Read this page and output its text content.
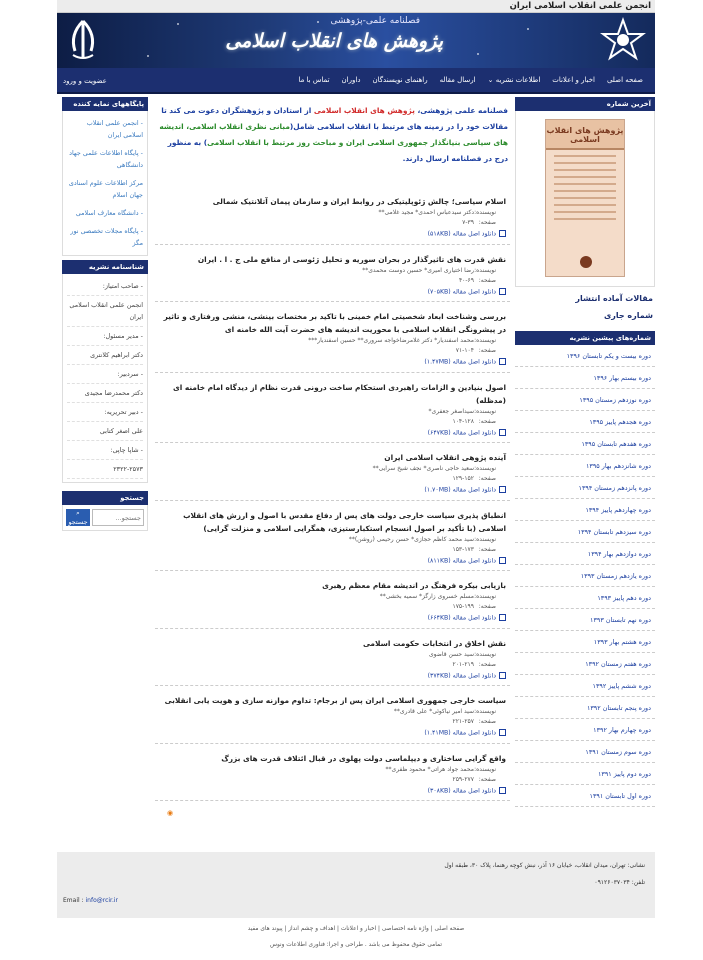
انجمن علمی انقلاب اسلامی ایران
فصلنامه علمی-پژوهشی
پژوهش های انقلاب اسلامی
صفحه اصلی
اخبار و اعلانات
اطلاعات نشریه ⌄
ارسال مقاله
راهنمای نویسندگان
داوران
تماس با ما
عضویت و ورود
آخرین شماره
پژوهش های انقلاب اسلامی
مقالات آماده انتشار
شماره جاری
شماره‌های پیشین نشریه
دوره بیست و یکم تابستان ۱۳۹۶
دوره بیستم بهار ۱۳۹۶
دوره نوزدهم زمستان ۱۳۹۵
دوره هجدهم پاییز ۱۳۹۵
دوره هفدهم تابستان ۱۳۹۵
دوره شانزدهم بهار ۱۳۹۵
دوره پانزدهم زمستان ۱۳۹۴
دوره چهاردهم پاییز ۱۳۹۴
دوره سیزدهم تابستان ۱۳۹۴
دوره دوازدهم بهار ۱۳۹۴
دوره یازدهم زمستان ۱۳۹۳
دوره دهم پاییز ۱۳۹۳
دوره نهم تابستان ۱۳۹۳
دوره هشتم بهار ۱۳۹۳
دوره هفتم زمستان ۱۳۹۲
دوره ششم پاییز ۱۳۹۲
دوره پنجم تابستان ۱۳۹۲
دوره چهارم بهار ۱۳۹۲
دوره سوم زمستان ۱۳۹۱
دوره دوم پاییز ۱۳۹۱
دوره اول تابستان ۱۳۹۱
پایگاههای نمایه کننده
- انجمن علمی انقلاب اسلامی ایران
- پایگاه اطلاعات علمی جهاد دانشگاهی
مرکز اطلاعات علوم اسنادی جهان اسلام
- دانشگاه معارف اسلامی
- پایگاه مجلات تخصصی نور مگز
شناسنامه نشریه
- صاحب امتیاز:
انجمن علمی انقلاب اسلامی ایران
- مدیر مسئول:
دکتر ابراهیم کلانتری
- سردبیر:
دکتر محمدرضا مجیدی
- دبیر تحریریه:
علی اصغر کتابی
- شاپا چاپی:
۲۳۲۲-۲۵۷۳
جستجو
جستجو...
⌕ جستجو

فصلنامه علمی پژوهشی، پژوهش های انقلاب اسلامی از استادان و پژوهشگران دعوت می کند تا مقالات خود را در زمینه های مرتبط با انقلاب اسلامی شامل(مبانی نظری انقلاب اسلامی، اندیشه های سیاسی بنیانگذار جمهوری اسلامی ایران و مباحث روز مرتبط با انقلاب اسلامی) به منظور درج در فصلنامه ارسال دارند.

اسلام سیاسی؛ چالش ژئوپلیتیکی در روابط ایران و سازمان پیمان آتلانتیک شمالی
نویسنده:دکتر سیدعباس احمدی* مجید غلامی**
صفحه:۷-۳۹
دانلود اصل مقاله (۵۱۸KB)
نقش قدرت های تاثیرگذار در بحران سوریه و تحلیل ژئوسی از منافع ملی ج . ا . ایران
نویسنده:رضا اختیاری امیری* حسین دوست محمدی**
صفحه:۴۰-۶۹
دانلود اصل مقاله (۷۰۵KB)
بررسی وشناخت ابعاد شخصیتی امام خمینی با تاکید بر مختصات بینشی، منشی ورفتاری و تاثیر در پیشرونگی انقلاب اسلامی با محوریت اندیشه های حضرت آیت الله خامنه ای
نویسنده:محمد اسفندیار* دکتر غلامرضاخواجه سروری** حسین اسفندیار***
صفحه:۷۱-۱۰۴
دانلود اصل مقاله (۱.۴۷MB)
اصول بنیادین و الزامات راهبردی استحکام ساخت درونی قدرت نظام از دیدگاه امام خامنه ای (مدظله)
نویسنده:سیداصغر جعفری*
صفحه:۱۰۴-۱۲۸
دانلود اصل مقاله (۶۴۷KB)
آینده پژوهی انقلاب اسلامی ایران
نویسنده:سعید حاجی ناصری* نجف شیخ سرایی**
صفحه:۱۲۹-۱۵۲
دانلود اصل مقاله (۱.۷۰MB)
انطباق پذیری سیاست خارجی دولت های پس از دفاع مقدس با اصول و ارزش های انقلاب اسلامی (با تأکید بر اصول انسجام استکبارستیزی، همگرایی اسلامی و منزلت گرایی)
نویسنده:سید محمد کاظم حجازی* حسن رحیمی (روشن)**
صفحه:۱۵۳-۱۷۳
دانلود اصل مقاله (۸۱۱KB)
بازیابی بیکره فرهنگ در اندیشه مقام معظم رهبری
نویسنده:مسلم خسروی زارگز* سمیه بخشی**
صفحه:۱۷۵-۱۹۹
دانلود اصل مقاله (۶۶۴KB)
نقش اخلاق در انتخابات حکومت اسلامی
نویسنده:سید حسن قاضوی
صفحه:۲۰۱-۲۱۹
دانلود اصل مقاله (۳۷۴KB)
سیاست خارجی جمهوری اسلامی ایران پس از برجام: تداوم موازنه سازی و هویت یابی انقلابی
نویسنده:سید امیر نیاکوئی* علی قادری**
صفحه:۲۲۱-۲۵۷
دانلود اصل مقاله (۱.۴۱MB)
واقع گرایی ساختاری و دیپلماسی دولت پهلوی در قبال ائتلاف قدرت های بزرگ
نویسنده:محمد جواد هراتی* محمود ظفری**
صفحه:۲۵۹-۲۷۷
دانلود اصل مقاله (۳۰۸KB)
◉
نشانی: تهران، میدان انقلاب، خیابان ۱۶ آذر، نبش کوچه رهنما، پلاک ۳۰، طبقه اول
تلفن: ۰۹۱۲۶۰۳۷۰۳۴
Email : info@rcir.ir
صفحه اصلی | واژه نامه اختصاصی | اخبار و اعلانات | اهداف و چشم انداز | پیوند های مفید
تمامی حقوق محفوظ می باشد . طراحی و اجرا: فناوری اطلاعات ونوس
